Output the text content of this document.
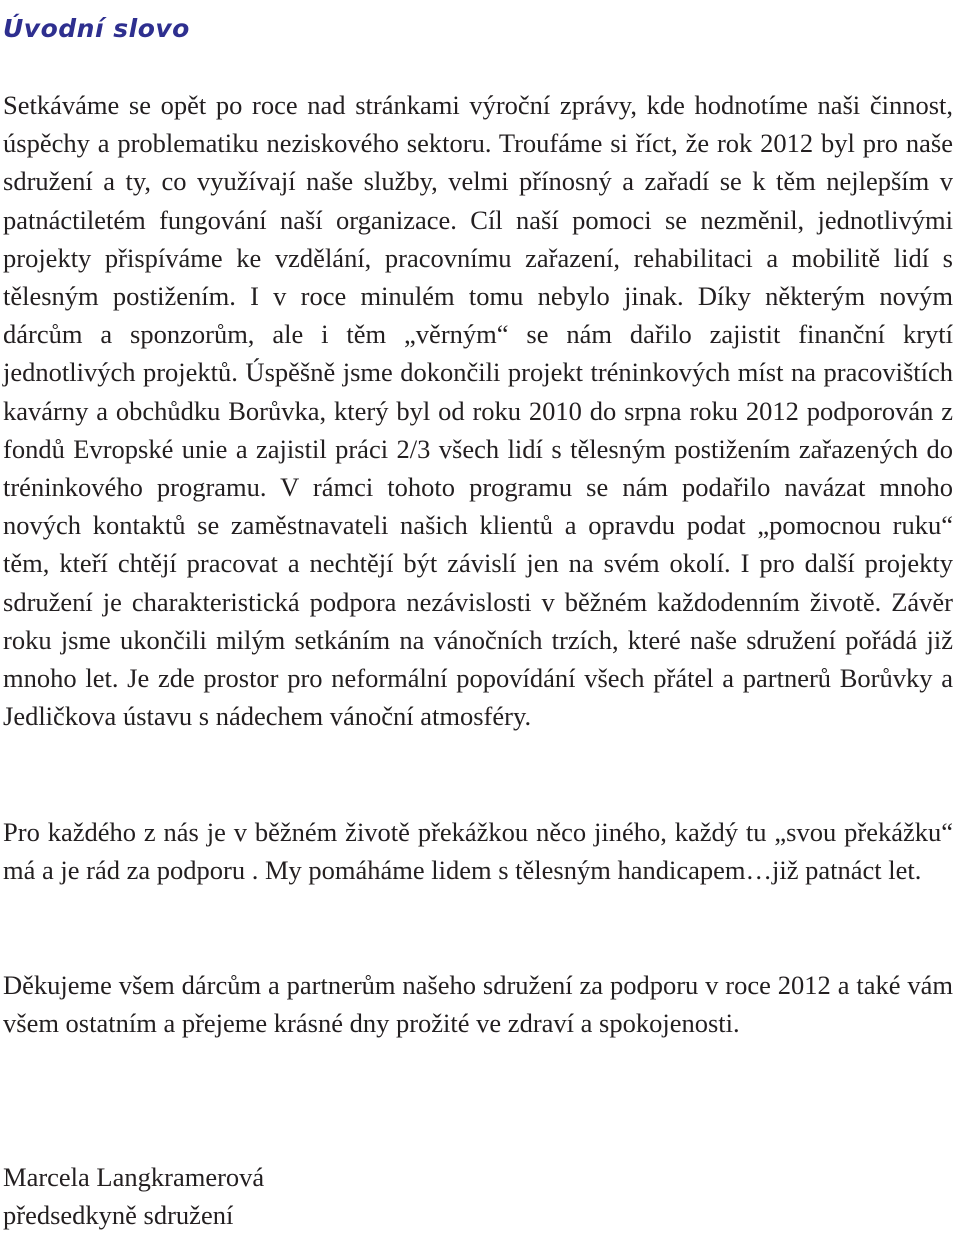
Úvodní slovo

Setkáváme se opět po roce nad stránkami výroční zprávy, kde hodnotíme naši činnost, úspěchy a problematiku neziskového sektoru. Troufáme si říct, že rok 2012 byl pro naše sdružení a ty, co využívají naše služby, velmi přínosný a zařadí se k těm nejlepším v patnáctiletém fungování naší organizace. Cíl naší pomoci se nezměnil, jednotlivými projekty přispíváme ke vzdělání, pracovnímu zařazení, rehabilitaci a mobilitě lidí s tělesným postižením. I v roce minulém tomu nebylo jinak. Díky některým novým dárcům a sponzorům, ale i těm „věrným“ se nám dařilo zajistit finanční krytí jednotlivých projektů. Úspěšně jsme dokončili projekt tréninkových míst na pracovištích kavárny a obchůdku Borůvka, který byl od roku 2010 do srpna roku 2012 podporován z fondů Evropské unie a zajistil práci 2/3 všech lidí s tělesným postižením zařazených do tréninkového programu. V rámci tohoto programu se nám podařilo navázat mnoho nových kontaktů se zaměstnavateli našich klientů a opravdu podat „pomocnou ruku“ těm, kteří chtějí pracovat a nechtějí být závislí jen na svém okolí. I pro další projekty sdružení je charakteristická podpora nezávislosti v běžném každodenním životě. Závěr roku jsme ukončili milým setkáním na vánočních trzích, které naše sdružení pořádá již mnoho let. Je zde prostor pro neformální popovídání všech přátel a partnerů Borůvky a Jedličkova ústavu s nádechem vánoční atmosféry.

Pro každého z nás je v běžném životě překážkou něco jiného, každý tu „svou překážku“ má a je rád za podporu . My pomáháme lidem s tělesným handicapem…již patnáct let.

Děkujeme všem dárcům a partnerům našeho sdružení za podporu v roce 2012 a také vám všem ostatním a přejeme krásné dny prožité ve zdraví a spokojenosti.

Marcela Langkramerová
předsedkyně sdružení
